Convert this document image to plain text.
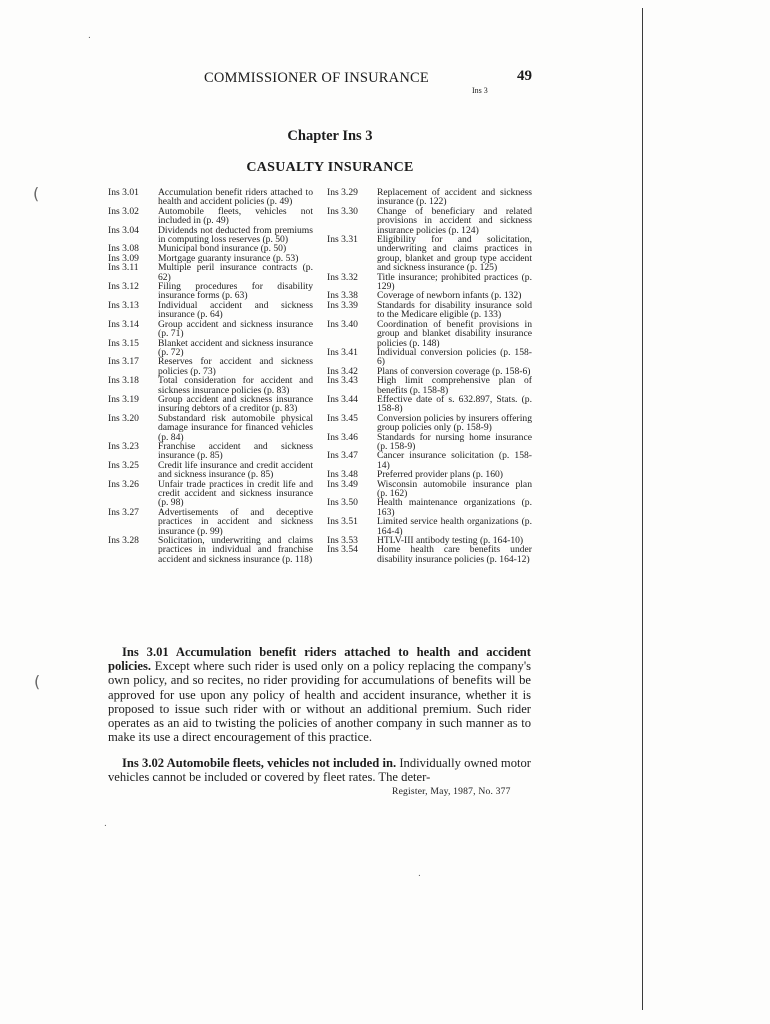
.
.
.
(
(
COMMISSIONER OF INSURANCE	49
Ins 3
Chapter Ins 3
CASUALTY INSURANCE
Ins 3.01	Accumulation benefit riders attached to health and accident policies (p. 49)
Ins 3.02	Automobile fleets, vehicles not included in (p. 49)
Ins 3.04	Dividends not deducted from premiums in computing loss reserves (p. 50)
Ins 3.08	Municipal bond insurance (p. 50)
Ins 3.09	Mortgage guaranty insurance (p. 53)
Ins 3.11	Multiple peril insurance contracts (p. 62)
Ins 3.12	Filing procedures for disability insurance forms (p. 63)
Ins 3.13	Individual accident and sickness insurance (p. 64)
Ins 3.14	Group accident and sickness insurance (p. 71)
Ins 3.15	Blanket accident and sickness insurance (p. 72)
Ins 3.17	Reserves for accident and sickness policies (p. 73)
Ins 3.18	Total consideration for accident and sickness insurance policies (p. 83)
Ins 3.19	Group accident and sickness insurance insuring debtors of a creditor (p. 83)
Ins 3.20	Substandard risk automobile physical damage insurance for financed vehicles (p. 84)
Ins 3.23	Franchise accident and sickness insurance (p. 85)
Ins 3.25	Credit life insurance and credit accident and sickness insurance (p. 85)
Ins 3.26	Unfair trade practices in credit life and credit accident and sickness insurance (p. 98)
Ins 3.27	Advertisements of and deceptive practices in accident and sickness insurance (p. 99)
Ins 3.28	Solicitation, underwriting and claims practices in individual and franchise accident and sickness insurance (p. 118)
Ins 3.29	Replacement of accident and sickness insurance (p. 122)
Ins 3.30	Change of beneficiary and related provisions in accident and sickness insurance policies (p. 124)
Ins 3.31	Eligibility for and solicitation, underwriting and claims practices in group, blanket and group type accident and sickness insurance (p. 125)
Ins 3.32	Title insurance; prohibited practices (p. 129)
Ins 3.38	Coverage of newborn infants (p. 132)
Ins 3.39	Standards for disability insurance sold to the Medicare eligible (p. 133)
Ins 3.40	Coordination of benefit provisions in group and blanket disability insurance policies (p. 148)
Ins 3.41	Individual conversion policies (p. 158-6)
Ins 3.42	Plans of conversion coverage (p. 158-6)
Ins 3.43	High limit comprehensive plan of benefits (p. 158-8)
Ins 3.44	Effective date of s. 632.897, Stats. (p. 158-8)
Ins 3.45	Conversion policies by insurers offering group policies only (p. 158-9)
Ins 3.46	Standards for nursing home insurance (p. 158-9)
Ins 3.47	Cancer insurance solicitation (p. 158-14)
Ins 3.48	Preferred provider plans (p. 160)
Ins 3.49	Wisconsin automobile insurance plan (p. 162)
Ins 3.50	Health maintenance organizations (p. 163)
Ins 3.51	Limited service health organizations (p. 164-4)
Ins 3.53	HTLV-III antibody testing (p. 164-10)
Ins 3.54	Home health care benefits under disability insurance policies (p. 164-12)
Ins 3.01 Accumulation benefit riders attached to health and accident policies. Except where such rider is used only on a policy replacing the company's own policy, and so recites, no rider providing for accumulations of benefits will be approved for use upon any policy of health and accident insurance, whether it is proposed to issue such rider with or without an additional premium. Such rider operates as an aid to twisting the policies of another company in such manner as to make its use a direct encouragement of this practice.
Ins 3.02 Automobile fleets, vehicles not included in. Individually owned motor vehicles cannot be included or covered by fleet rates. The deter-
Register, May, 1987, No. 377
